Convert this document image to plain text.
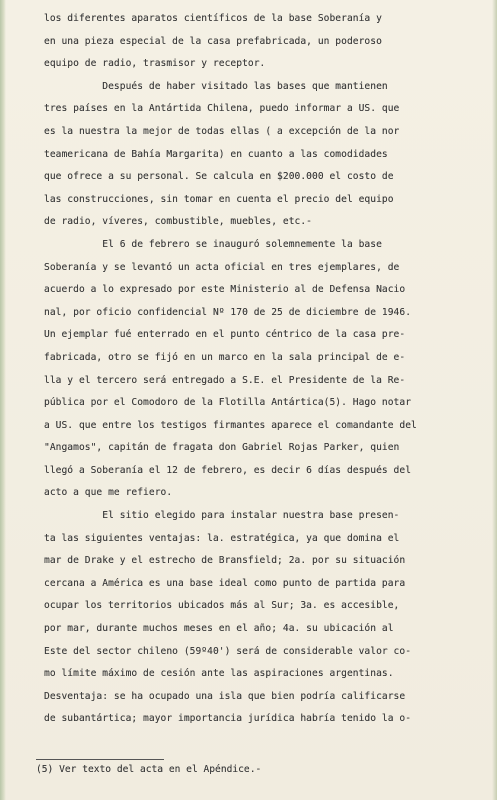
los diferentes aparatos científicos de la base Soberanía y
en una pieza especial de la casa prefabricada, un poderoso
equipo de radio, trasmisor y receptor.
Después de haber visitado las bases que mantienen
tres países en la Antártida Chilena, puedo informar a US. que
es la nuestra la mejor de todas ellas ( a excepción de la nor
teamericana de Bahía Margarita) en cuanto a las comodidades
que ofrece a su personal. Se calcula en $200.000 el costo de
las construcciones, sin tomar en cuenta el precio del equipo
de radio, víveres, combustible, muebles, etc.-
El 6 de febrero se inauguró solemnemente la base
Soberanía y se levantó un acta oficial en tres ejemplares, de
acuerdo a lo expresado por este Ministerio al de Defensa Nacio
nal, por oficio confidencial Nº 170 de 25 de diciembre de 1946.
Un ejemplar fué enterrado en el punto céntrico de la casa pre-
fabricada, otro se fijó en un marco en la sala principal de e-
lla y el tercero será entregado a S.E. el Presidente de la Re-
pública por el Comodoro de la Flotilla Antártica(5). Hago notar
a US. que entre los testigos firmantes aparece el comandante del
"Angamos", capitán de fragata don Gabriel Rojas Parker, quien
llegó a Soberanía el 12 de febrero, es decir 6 días después del
acto a que me refiero.
El sitio elegido para instalar nuestra base presen-
ta las siguientes ventajas: la. estratégica, ya que domina el
mar de Drake y el estrecho de Bransfield; 2a. por su situación
cercana a América es una base ideal como punto de partida para
ocupar los territorios ubicados más al Sur; 3a. es accesible,
por mar, durante muchos meses en el año; 4a. su ubicación al
Este del sector chileno (59º40') será de considerable valor co-
mo límite máximo de cesión ante las aspiraciones argentinas.
Desventaja: se ha ocupado una isla que bien podría calificarse
de subantártica; mayor importancia jurídica habría tenido la o-
(5) Ver texto del acta en el Apéndice.-
